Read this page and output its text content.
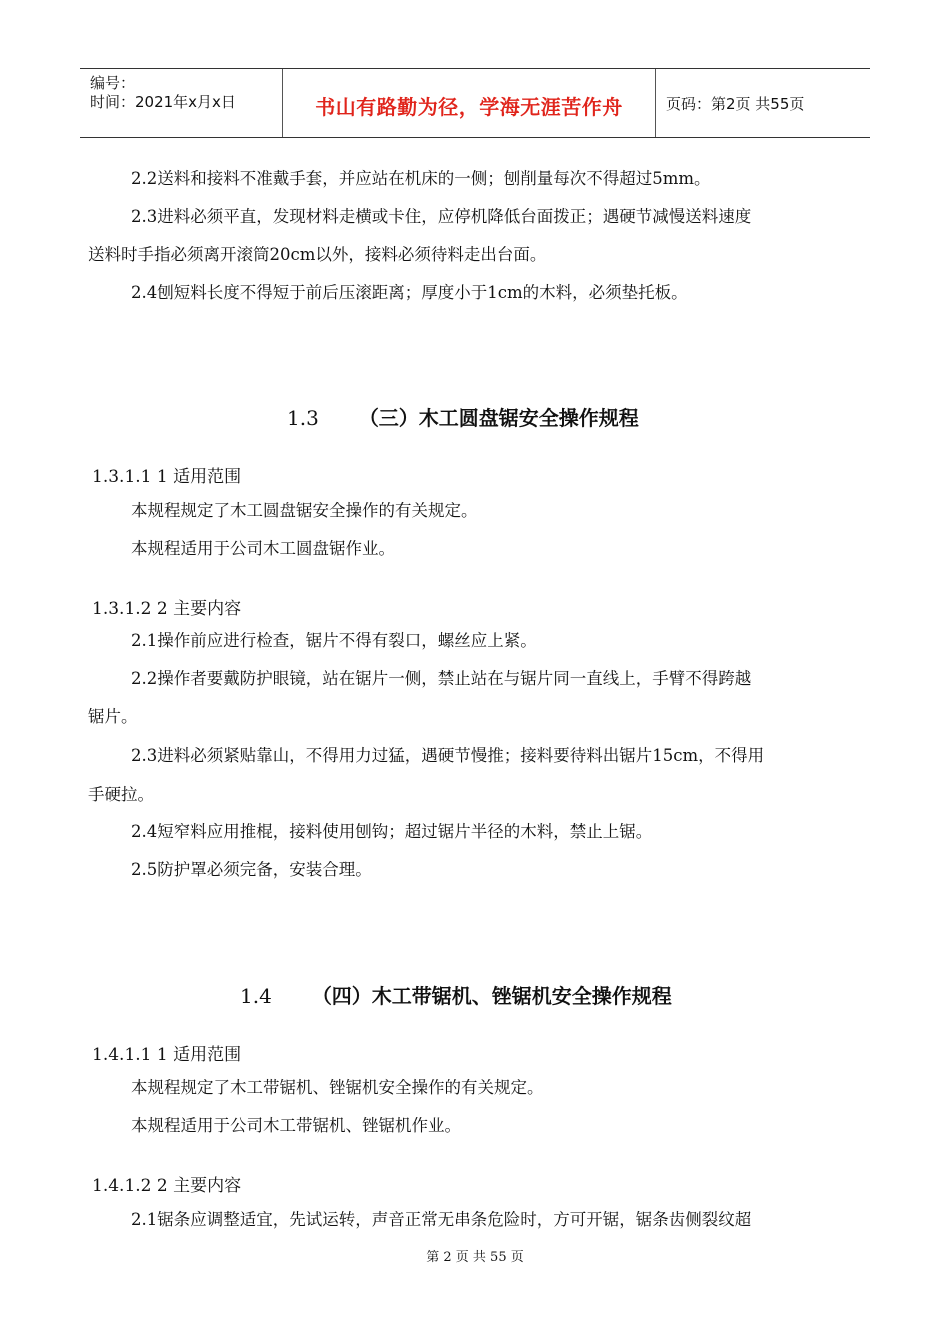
编号：
时间：2021年x月x日	书山有路勤为径，学海无涯苦作舟	页码：第2页 共55页
2.2送料和接料不准戴手套，并应站在机床的一侧；刨削量每次不得超过5mm。
2.3进料必须平直，发现材料走横或卡住，应停机降低台面拨正；遇硬节减慢送料速度
送料时手指必须离开滚筒20cm以外，接料必须待料走出台面。
2.4刨短料长度不得短于前后压滚距离；厚度小于1cm的木料，必须垫托板。
1.3 （三）木工圆盘锯安全操作规程
1.3.1.1 1 适用范围
本规程规定了木工圆盘锯安全操作的有关规定。
本规程适用于公司木工圆盘锯作业。
1.3.1.2 2 主要内容
2.1操作前应进行检查，锯片不得有裂口，螺丝应上紧。
2.2操作者要戴防护眼镜，站在锯片一侧，禁止站在与锯片同一直线上，手臂不得跨越
锯片。
2.3进料必须紧贴靠山，不得用力过猛，遇硬节慢推；接料要待料出锯片15cm，不得用
手硬拉。
2.4短窄料应用推棍，接料使用刨钩；超过锯片半径的木料，禁止上锯。
2.5防护罩必须完备，安装合理。
1.4 （四）木工带锯机、锉锯机安全操作规程
1.4.1.1 1 适用范围
本规程规定了木工带锯机、锉锯机安全操作的有关规定。
本规程适用于公司木工带锯机、锉锯机作业。
1.4.1.2 2 主要内容
2.1锯条应调整适宜，先试运转，声音正常无串条危险时，方可开锯，锯条齿侧裂纹超
第 2 页 共 55 页
